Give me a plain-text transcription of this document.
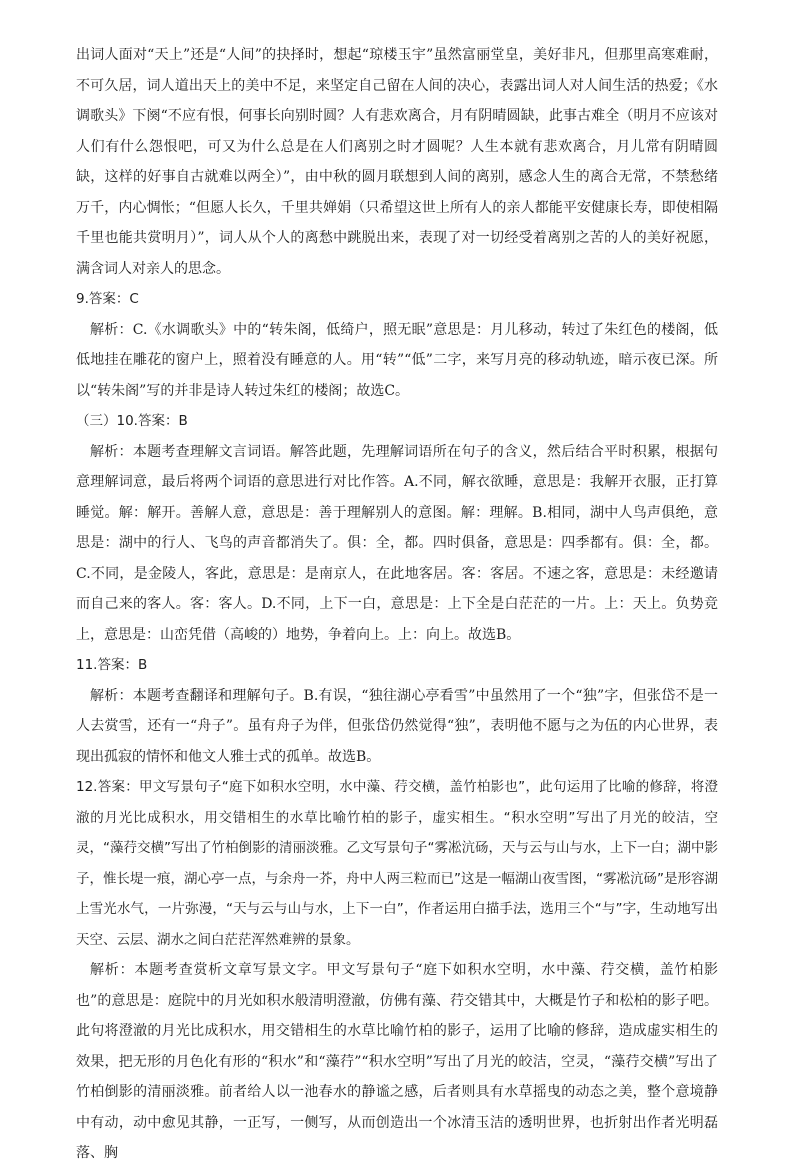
出词人面对“天上”还是“人间”的抉择时，想起“琼楼玉宇”虽然富丽堂皇，美好非凡，但那里高寒难耐，不可久居，词人道出天上的美中不足，来坚定自己留在人间的决心，表露出词人对人间生活的热爱；《水调歌头》下阕“不应有恨，何事长向别时圆？人有悲欢离合，月有阴晴圆缺，此事古难全（明月不应该对人们有什么怨恨吧，可又为什么总是在人们离别之时才圆呢？人生本就有悲欢离合，月儿常有阴晴圆缺，这样的好事自古就难以两全）”，由中秋的圆月联想到人间的离别，感念人生的离合无常，不禁愁绪万千，内心惆怅；“但愿人长久，千里共婵娟（只希望这世上所有人的亲人都能平安健康长寿，即使相隔千里也能共赏明月）”，词人从个人的离愁中跳脱出来，表现了对一切经受着离别之苦的人的美好祝愿，满含词人对亲人的思念。

9.答案：C

解析：C.《水调歌头》中的“转朱阁，低绮户，照无眠”意思是：月儿移动，转过了朱红色的楼阁，低低地挂在雕花的窗户上，照着没有睡意的人。用“转”“低”二字，来写月亮的移动轨迹，暗示夜已深。所以“转朱阁”写的并非是诗人转过朱红的楼阁；故选C。

（三）10.答案：B

解析：本题考查理解文言词语。解答此题，先理解词语所在句子的含义，然后结合平时积累，根据句意理解词意，最后将两个词语的意思进行对比作答。A.不同，解衣欲睡，意思是：我解开衣服，正打算睡觉。解：解开。善解人意，意思是：善于理解别人的意图。解：理解。B.相同，湖中人鸟声俱绝，意思是：湖中的行人、飞鸟的声音都消失了。俱：全，都。四时俱备，意思是：四季都有。俱：全，都。C.不同，是金陵人，客此，意思是：是南京人，在此地客居。客：客居。不速之客，意思是：未经邀请而自己来的客人。客：客人。D.不同，上下一白，意思是：上下全是白茫茫的一片。上：天上。负势竞上，意思是：山峦凭借（高峻的）地势，争着向上。上：向上。故选B。

11.答案：B

解析：本题考查翻译和理解句子。B.有误，“独往湖心亭看雪”中虽然用了一个“独”字，但张岱不是一人去赏雪，还有一“舟子”。虽有舟子为伴，但张岱仍然觉得“独”，表明他不愿与之为伍的内心世界，表现出孤寂的情怀和他文人雅士式的孤单。故选B。

12.答案：甲文写景句子“庭下如积水空明，水中藻、荇交横，盖竹柏影也”，此句运用了比喻的修辞，将澄澈的月光比成积水，用交错相生的水草比喻竹柏的影子，虚实相生。“积水空明”写出了月光的皎洁，空灵，“藻荇交横”写出了竹柏倒影的清丽淡雅。乙文写景句子“雾凇沆砀，天与云与山与水，上下一白；湖中影子，惟长堤一痕，湖心亭一点，与余舟一芥，舟中人两三粒而已”这是一幅湖山夜雪图，“雾凇沆砀”是形容湖上雪光水气，一片弥漫，“天与云与山与水，上下一白”，作者运用白描手法，选用三个“与”字，生动地写出天空、云层、湖水之间白茫茫浑然难辨的景象。

解析：本题考查赏析文章写景文字。甲文写景句子“庭下如积水空明，水中藻、荇交横，盖竹柏影也”的意思是：庭院中的月光如积水般清明澄澈，仿佛有藻、荇交错其中，大概是竹子和松柏的影子吧。此句将澄澈的月光比成积水，用交错相生的水草比喻竹柏的影子，运用了比喻的修辞，造成虚实相生的效果，把无形的月色化有形的“积水”和“藻荇”“积水空明”写出了月光的皎洁，空灵，“藻荇交横”写出了竹柏倒影的清丽淡雅。前者给人以一池春水的静谧之感，后者则具有水草摇曳的动态之美，整个意境静中有动，动中愈见其静，一正写，一侧写，从而创造出一个冰清玉洁的透明世界，也折射出作者光明磊落、胸
